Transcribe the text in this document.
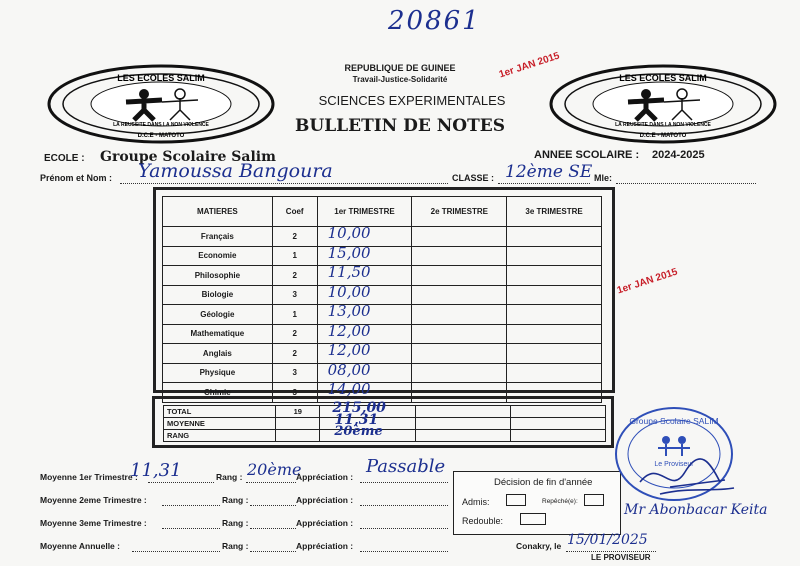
20861
LES ECOLES SALIM
LA REUSSITE DANS LA NON VIOLENCE
D.C.E - MATOTO
LES ECOLES SALIM
LA REUSSITE DANS LA NON VIOLENCE
D.C.E - MATOTO
REPUBLIQUE DE GUINEE
Travail-Justice-Solidarité
SCIENCES EXPERIMENTALES
BULLETIN DE NOTES
1er JAN 2015
1er JAN 2015
ECOLE : Groupe Scolaire Salim	ANNEE SCOLAIRE : 2024-2025
Prénom et Nom : Yamoussa Bangoura	CLASSE : 12ème SE Mle:
MATIERES	Coef	1er TRIMESTRE	2e TRIMESTRE	3e TRIMESTRE
Français	2	10,00		

Economie	1	15,00		

Philosophie	2	11,50		

Biologie	3	10,00		

Géologie	1	13,00		

Mathematique	2	12,00		

Anglais	2	12,00		

Physique	3	08,00		

Chimie	3	14,00		

TOTAL	19	215,00		

MOYENNE		11,31		

RANG		20ème		

Moyenne 1er Trimestre :
11,31	Rang : 20ème
Appréciation : Passable
Moyenne 2eme Trimestre :	Rang :	Appréciation :
Moyenne 3eme Trimestre :	Rang :	Appréciation :
Moyenne Annuelle :	Rang :	Appréciation :
Décision de fin d'année
Admis:	Repêché(e):
Redouble:
Groupe Scolaire SALIM
Le Proviseur
Mr Abonbacar Keita
Conakry, le 15/01/2025
LE PROVISEUR
